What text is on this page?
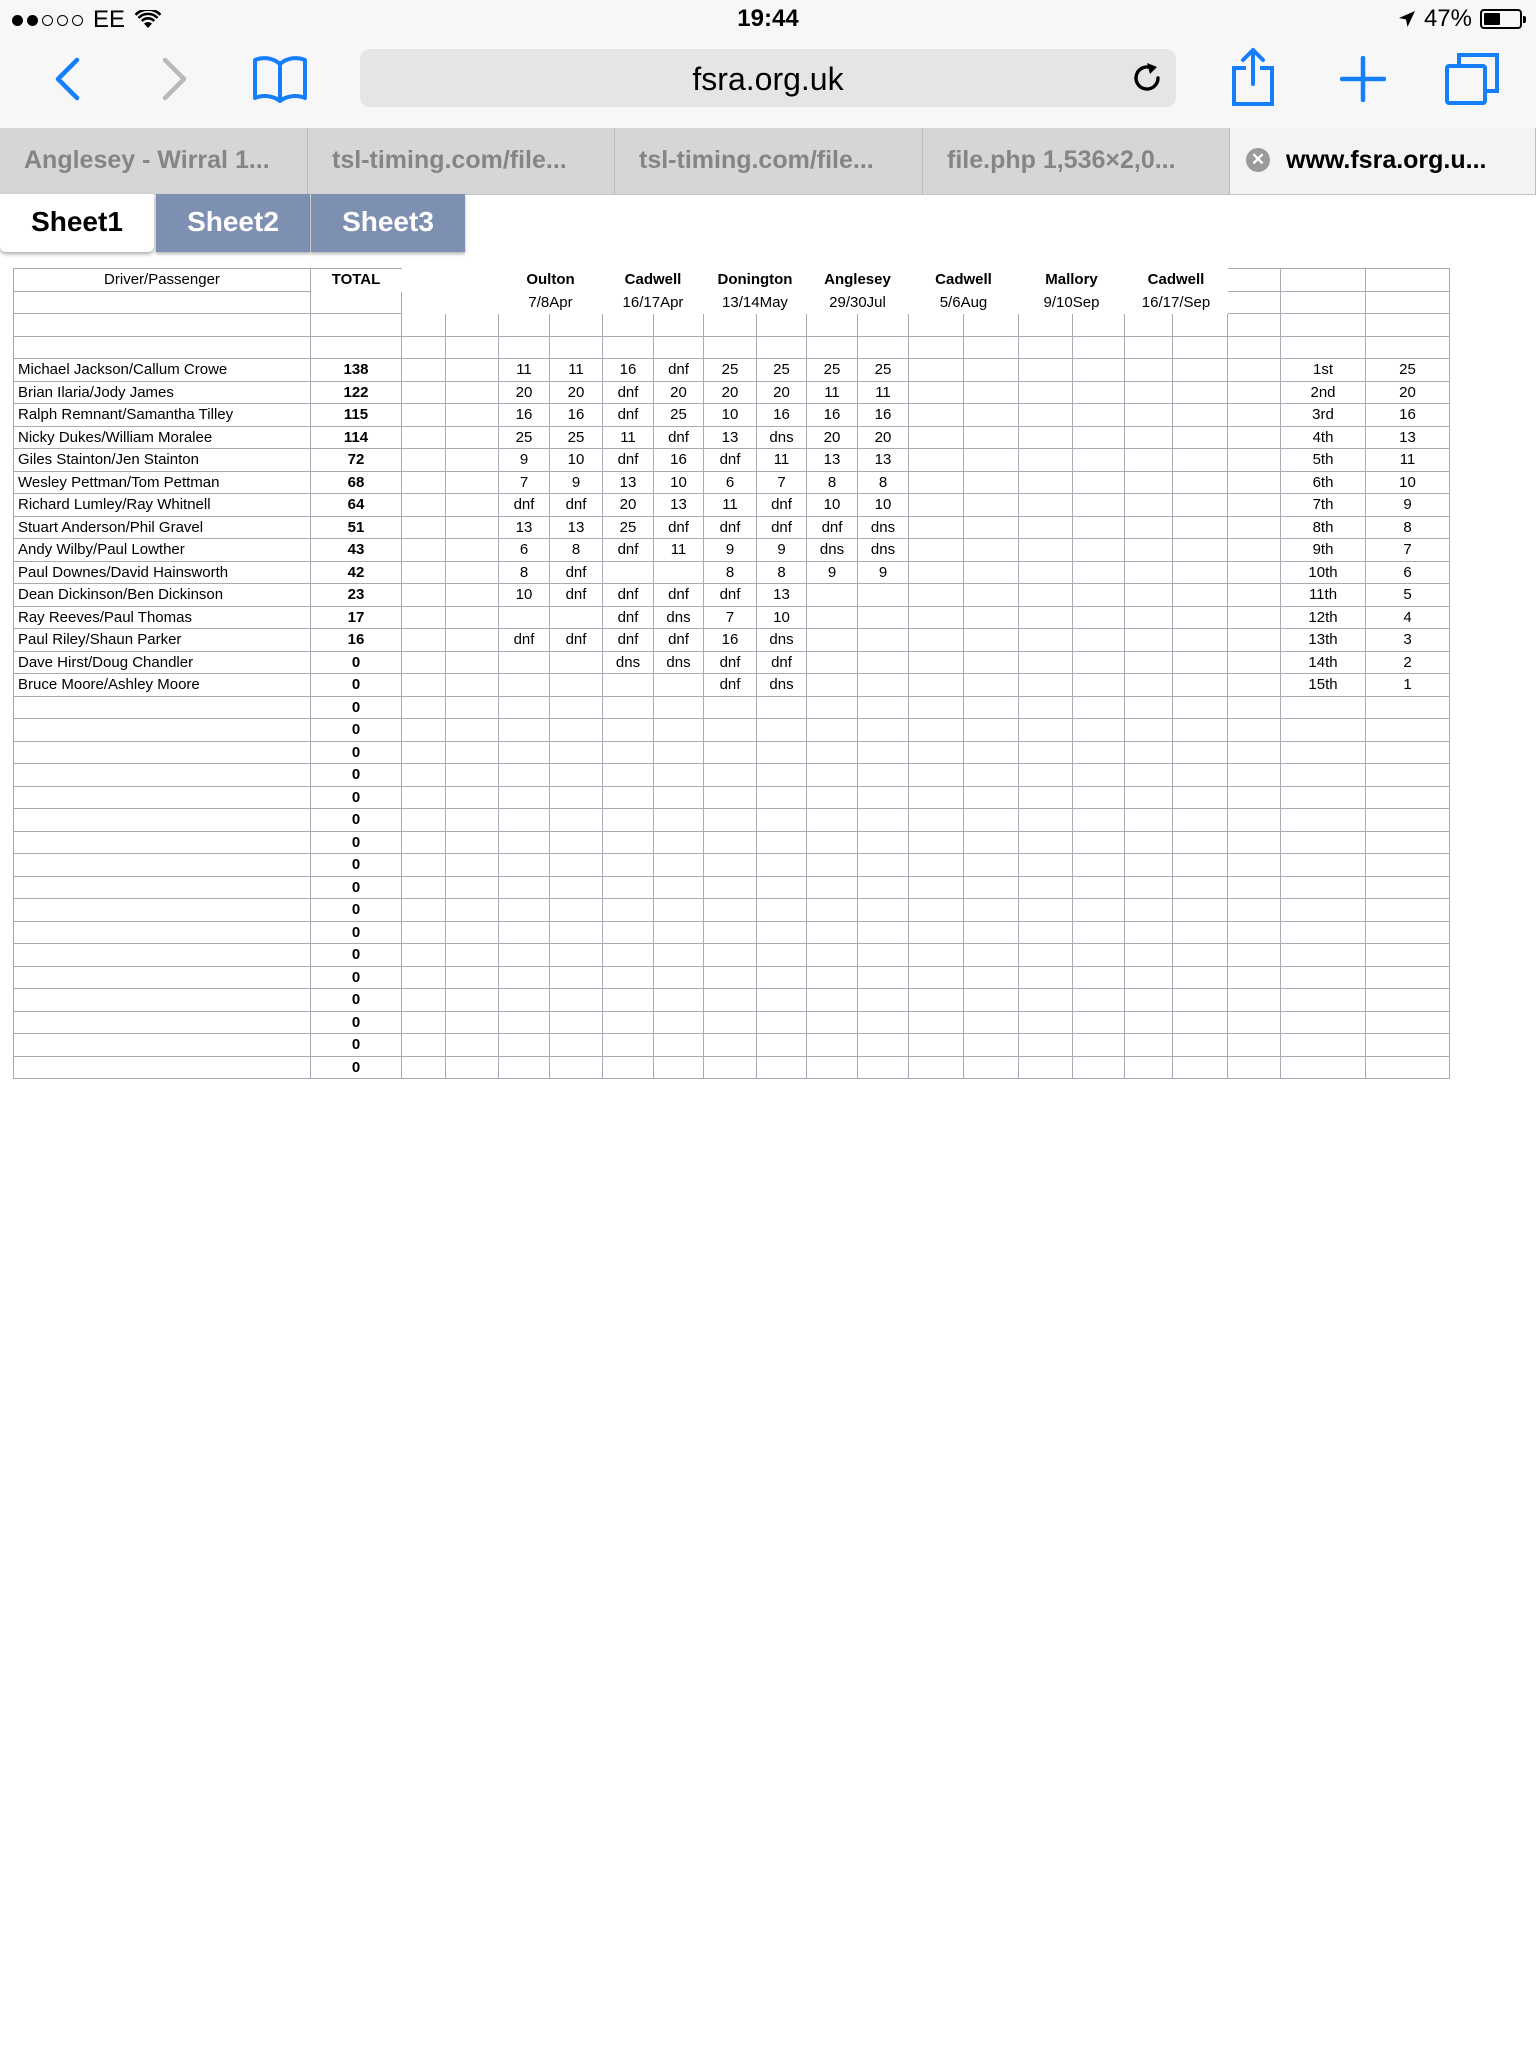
EE	19:44	47%
fsra.org.uk
Anglesey - Wirral 1...	tsl-timing.com/file...	tsl-timing.com/file...	file.php 1,536×2,0...	✕ www.fsra.org.u...
Sheet1	Sheet2	Sheet3
Driver/Passenger	TOTAL			Oulton		Cadwell		Donington		Anglesey		Cadwell		Mallory		Cadwell				
				7/8Apr		16/17Apr		13/14May		29/30Jul		5/6Aug		9/10Sep		16/17/Sep				

Michael Jackson/Callum Crowe	138			11	11	16	dnf	25	25	25	25								1st	25
Brian Ilaria/Jody James	122			20	20	dnf	20	20	20	11	11								2nd	20
Ralph Remnant/Samantha Tilley	115			16	16	dnf	25	10	16	16	16								3rd	16
Nicky Dukes/William Moralee	114			25	25	11	dnf	13	dns	20	20								4th	13
Giles Stainton/Jen Stainton	72			9	10	dnf	16	dnf	11	13	13								5th	11
Wesley Pettman/Tom Pettman	68			7	9	13	10	6	7	8	8								6th	10
Richard Lumley/Ray Whitnell	64			dnf	dnf	20	13	11	dnf	10	10								7th	9
Stuart Anderson/Phil Gravel	51			13	13	25	dnf	dnf	dnf	dnf	dns								8th	8
Andy Wilby/Paul Lowther	43			6	8	dnf	11	9	9	dns	dns								9th	7
Paul Downes/David Hainsworth	42			8	dnf			8	8	9	9								10th	6
Dean Dickinson/Ben Dickinson	23			10	dnf	dnf	dnf	dnf	13										11th	5
Ray Reeves/Paul Thomas	17					dnf	dns	7	10										12th	4
Paul Riley/Shaun Parker	16			dnf	dnf	dnf	dnf	16	dns										13th	3
Dave Hirst/Doug Chandler	0					dns	dns	dnf	dnf										14th	2
Bruce Moore/Ashley Moore	0							dnf	dns										15th	1
	0																			
	0																			
	0																			
	0																			
	0																			
	0																			
	0																			
	0																			
	0																			
	0																			
	0																			
	0																			
	0																			
	0																			
	0																			
	0																			
	0																			
